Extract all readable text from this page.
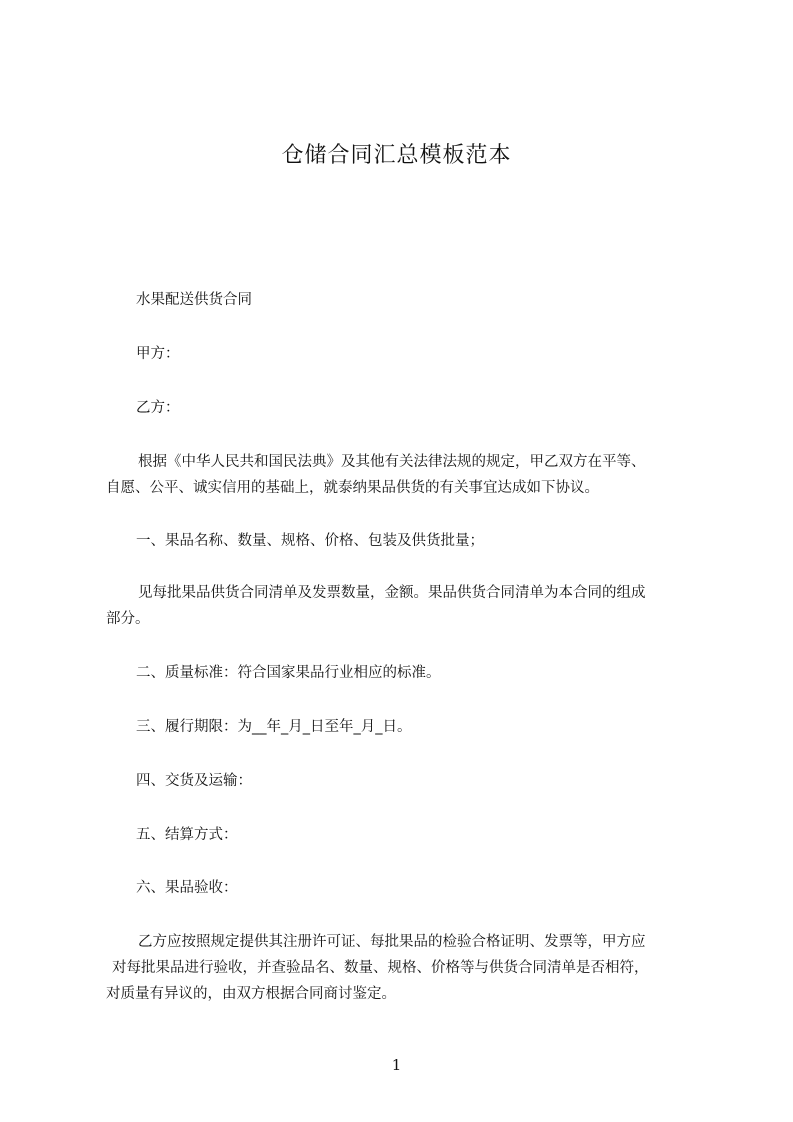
仓储合同汇总模板范本
水果配送供货合同
甲方：
乙方：
根据《中华人民共和国民法典》及其他有关法律法规的规定，甲乙双方在平等、
自愿、公平、诚实信用的基础上，就泰纳果品供货的有关事宜达成如下协议。
一、果品名称、数量、规格、价格、包装及供货批量；
见每批果品供货合同清单及发票数量，金额。果品供货合同清单为本合同的组成
部分。
二、质量标准：符合国家果品行业相应的标准。
三、履行期限：为__年_月_日至年_月_日。
四、交货及运输：
五、结算方式：
六、果品验收：
乙方应按照规定提供其注册许可证、每批果品的检验合格证明、发票等，甲方应
对每批果品进行验收，并查验品名、数量、规格、价格等与供货合同清单是否相符，
对质量有异议的，由双方根据合同商讨鉴定。
1
